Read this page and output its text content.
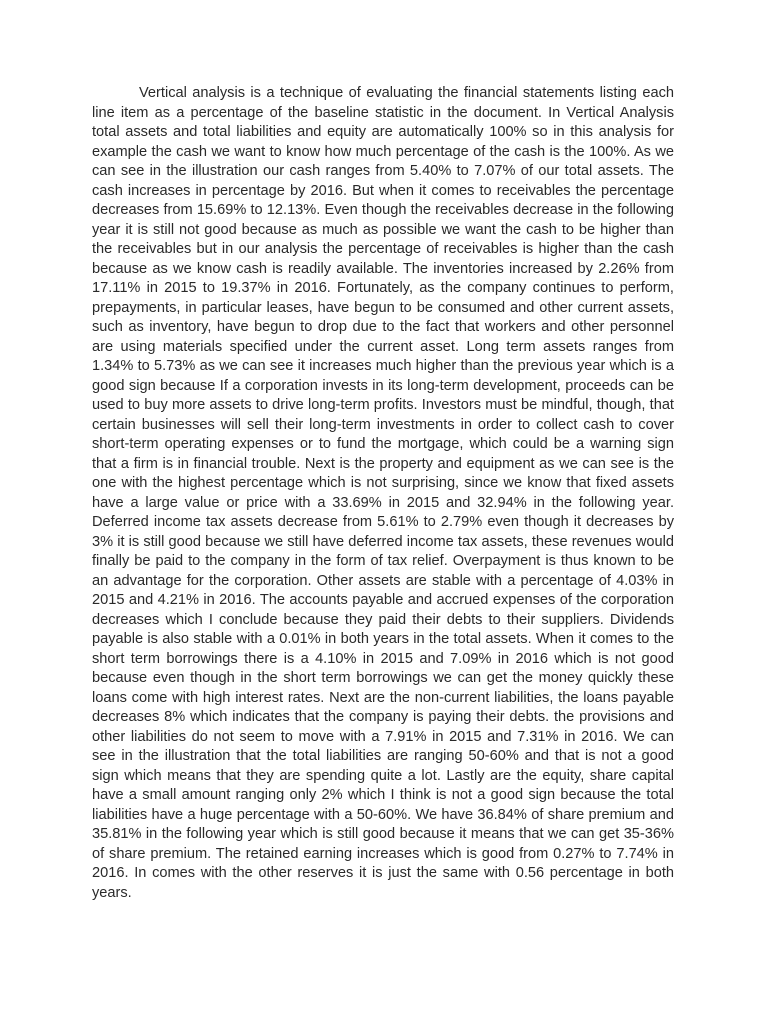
Vertical analysis is a technique of evaluating the financial statements listing each line item as a percentage of the baseline statistic in the document. In Vertical Analysis total assets and total liabilities and equity are automatically 100% so in this analysis for example the cash we want to know how much percentage of the cash is the 100%. As we can see in the illustration our cash ranges from 5.40% to 7.07% of our total assets. The cash increases in percentage by 2016. But when it comes to receivables the percentage decreases from 15.69% to 12.13%. Even though the receivables decrease in the following year it is still not good because as much as possible we want the cash to be higher than the receivables but in our analysis the percentage of receivables is higher than the cash because as we know cash is readily available. The inventories increased by 2.26% from 17.11% in 2015 to 19.37% in 2016. Fortunately, as the company continues to perform, prepayments, in particular leases, have begun to be consumed and other current assets, such as inventory, have begun to drop due to the fact that workers and other personnel are using materials specified under the current asset. Long term assets ranges from 1.34% to 5.73% as we can see it increases much higher than the previous year which is a good sign because If a corporation invests in its long-term development, proceeds can be used to buy more assets to drive long-term profits. Investors must be mindful, though, that certain businesses will sell their long-term investments in order to collect cash to cover short-term operating expenses or to fund the mortgage, which could be a warning sign that a firm is in financial trouble. Next is the property and equipment as we can see is the one with the highest percentage which is not surprising, since we know that fixed assets have a large value or price with a 33.69% in 2015 and 32.94% in the following year. Deferred income tax assets decrease from 5.61% to 2.79% even though it decreases by 3% it is still good because we still have deferred income tax assets, these revenues would finally be paid to the company in the form of tax relief. Overpayment is thus known to be an advantage for the corporation. Other assets are stable with a percentage of 4.03% in 2015 and 4.21% in 2016. The accounts payable and accrued expenses of the corporation decreases which I conclude because they paid their debts to their suppliers. Dividends payable is also stable with a 0.01% in both years in the total assets. When it comes to the short term borrowings there is a 4.10% in 2015 and 7.09% in 2016 which is not good because even though in the short term borrowings we can get the money quickly these loans come with high interest rates. Next are the non-current liabilities, the loans payable decreases 8% which indicates that the company is paying their debts. the provisions and other liabilities do not seem to move with a 7.91% in 2015 and 7.31% in 2016. We can see in the illustration that the total liabilities are ranging 50-60% and that is not a good sign which means that they are spending quite a lot. Lastly are the equity, share capital have a small amount ranging only 2% which I think is not a good sign because the total liabilities have a huge percentage with a 50-60%. We have 36.84% of share premium and 35.81% in the following year which is still good because it means that we can get 35-36% of share premium. The retained earning increases which is good from 0.27% to 7.74% in 2016. In comes with the other reserves it is just the same with 0.56 percentage in both years.
